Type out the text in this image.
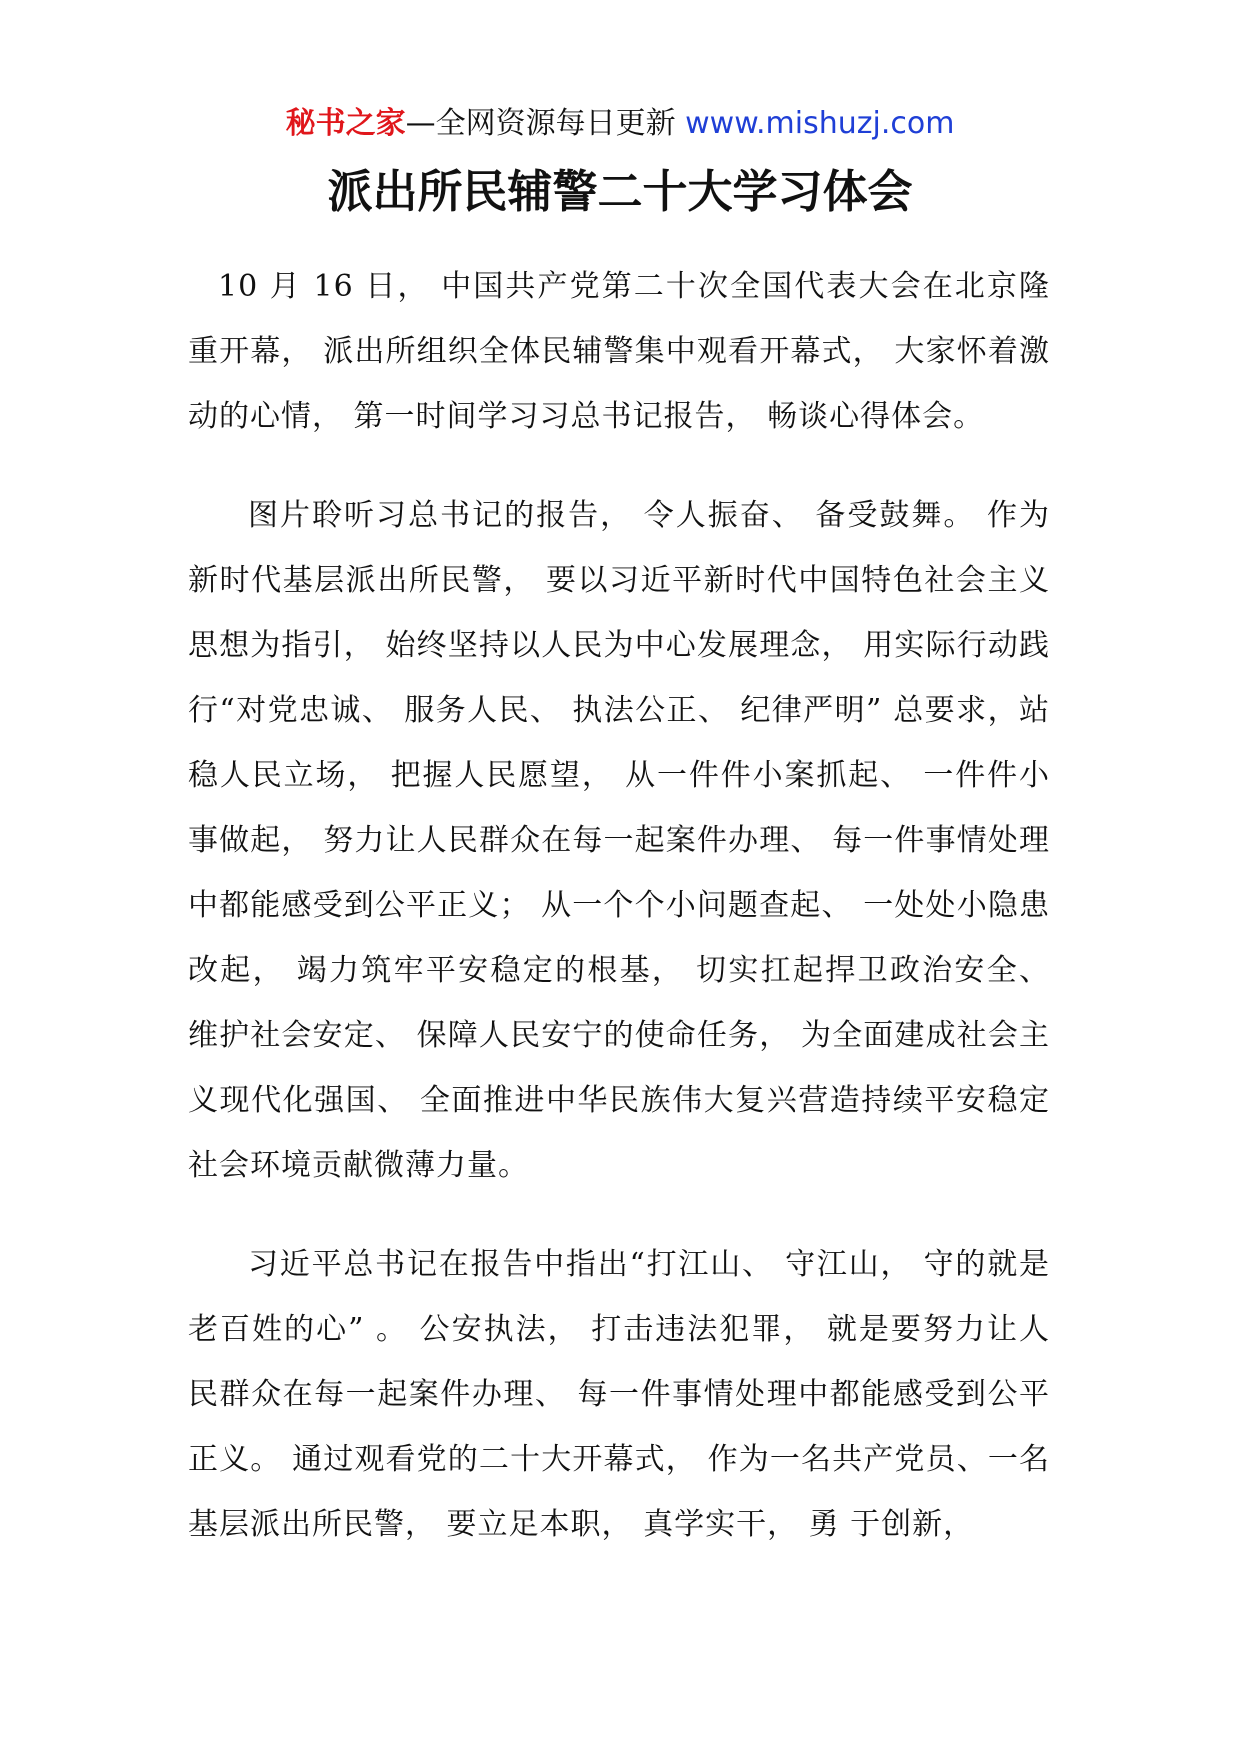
秘书之家—全网资源每日更新 www.mishuzj.com
派出所民辅警二十大学习体会

10 月 16 日， 中国共产党第二十次全国代表大会在北京隆重开幕， 派出所组织全体民辅警集中观看开幕式， 大家怀着激动的心情， 第一时间学习习总书记报告， 畅谈心得体会。

图片聆听习总书记的报告， 令人振奋、 备受鼓舞。 作为新时代基层派出所民警， 要以习近平新时代中国特色社会主义思想为指引， 始终坚持以人民为中心发展理念， 用实际行动践行“对党忠诚、 服务人民、 执法公正、 纪律严明” 总要求，站稳人民立场， 把握人民愿望， 从一件件小案抓起、 一件件小事做起， 努力让人民群众在每一起案件办理、 每一件事情处理中都能感受到公平正义； 从一个个小问题查起、 一处处小隐患改起， 竭力筑牢平安稳定的根基， 切实扛起捍卫政治安全、 维护社会安定、 保障人民安宁的使命任务， 为全面建成社会主义现代化强国、 全面推进中华民族伟大复兴营造持续平安稳定社会环境贡献微薄力量。

习近平总书记在报告中指出“打江山、 守江山， 守的就是老百姓的心” 。 公安执法， 打击违法犯罪， 就是要努力让人民群众在每一起案件办理、 每一件事情处理中都能感受到公平正义。 通过观看党的二十大开幕式， 作为一名共产党员、一名基层派出所民警， 要立足本职， 真学实干， 勇 于创新，
